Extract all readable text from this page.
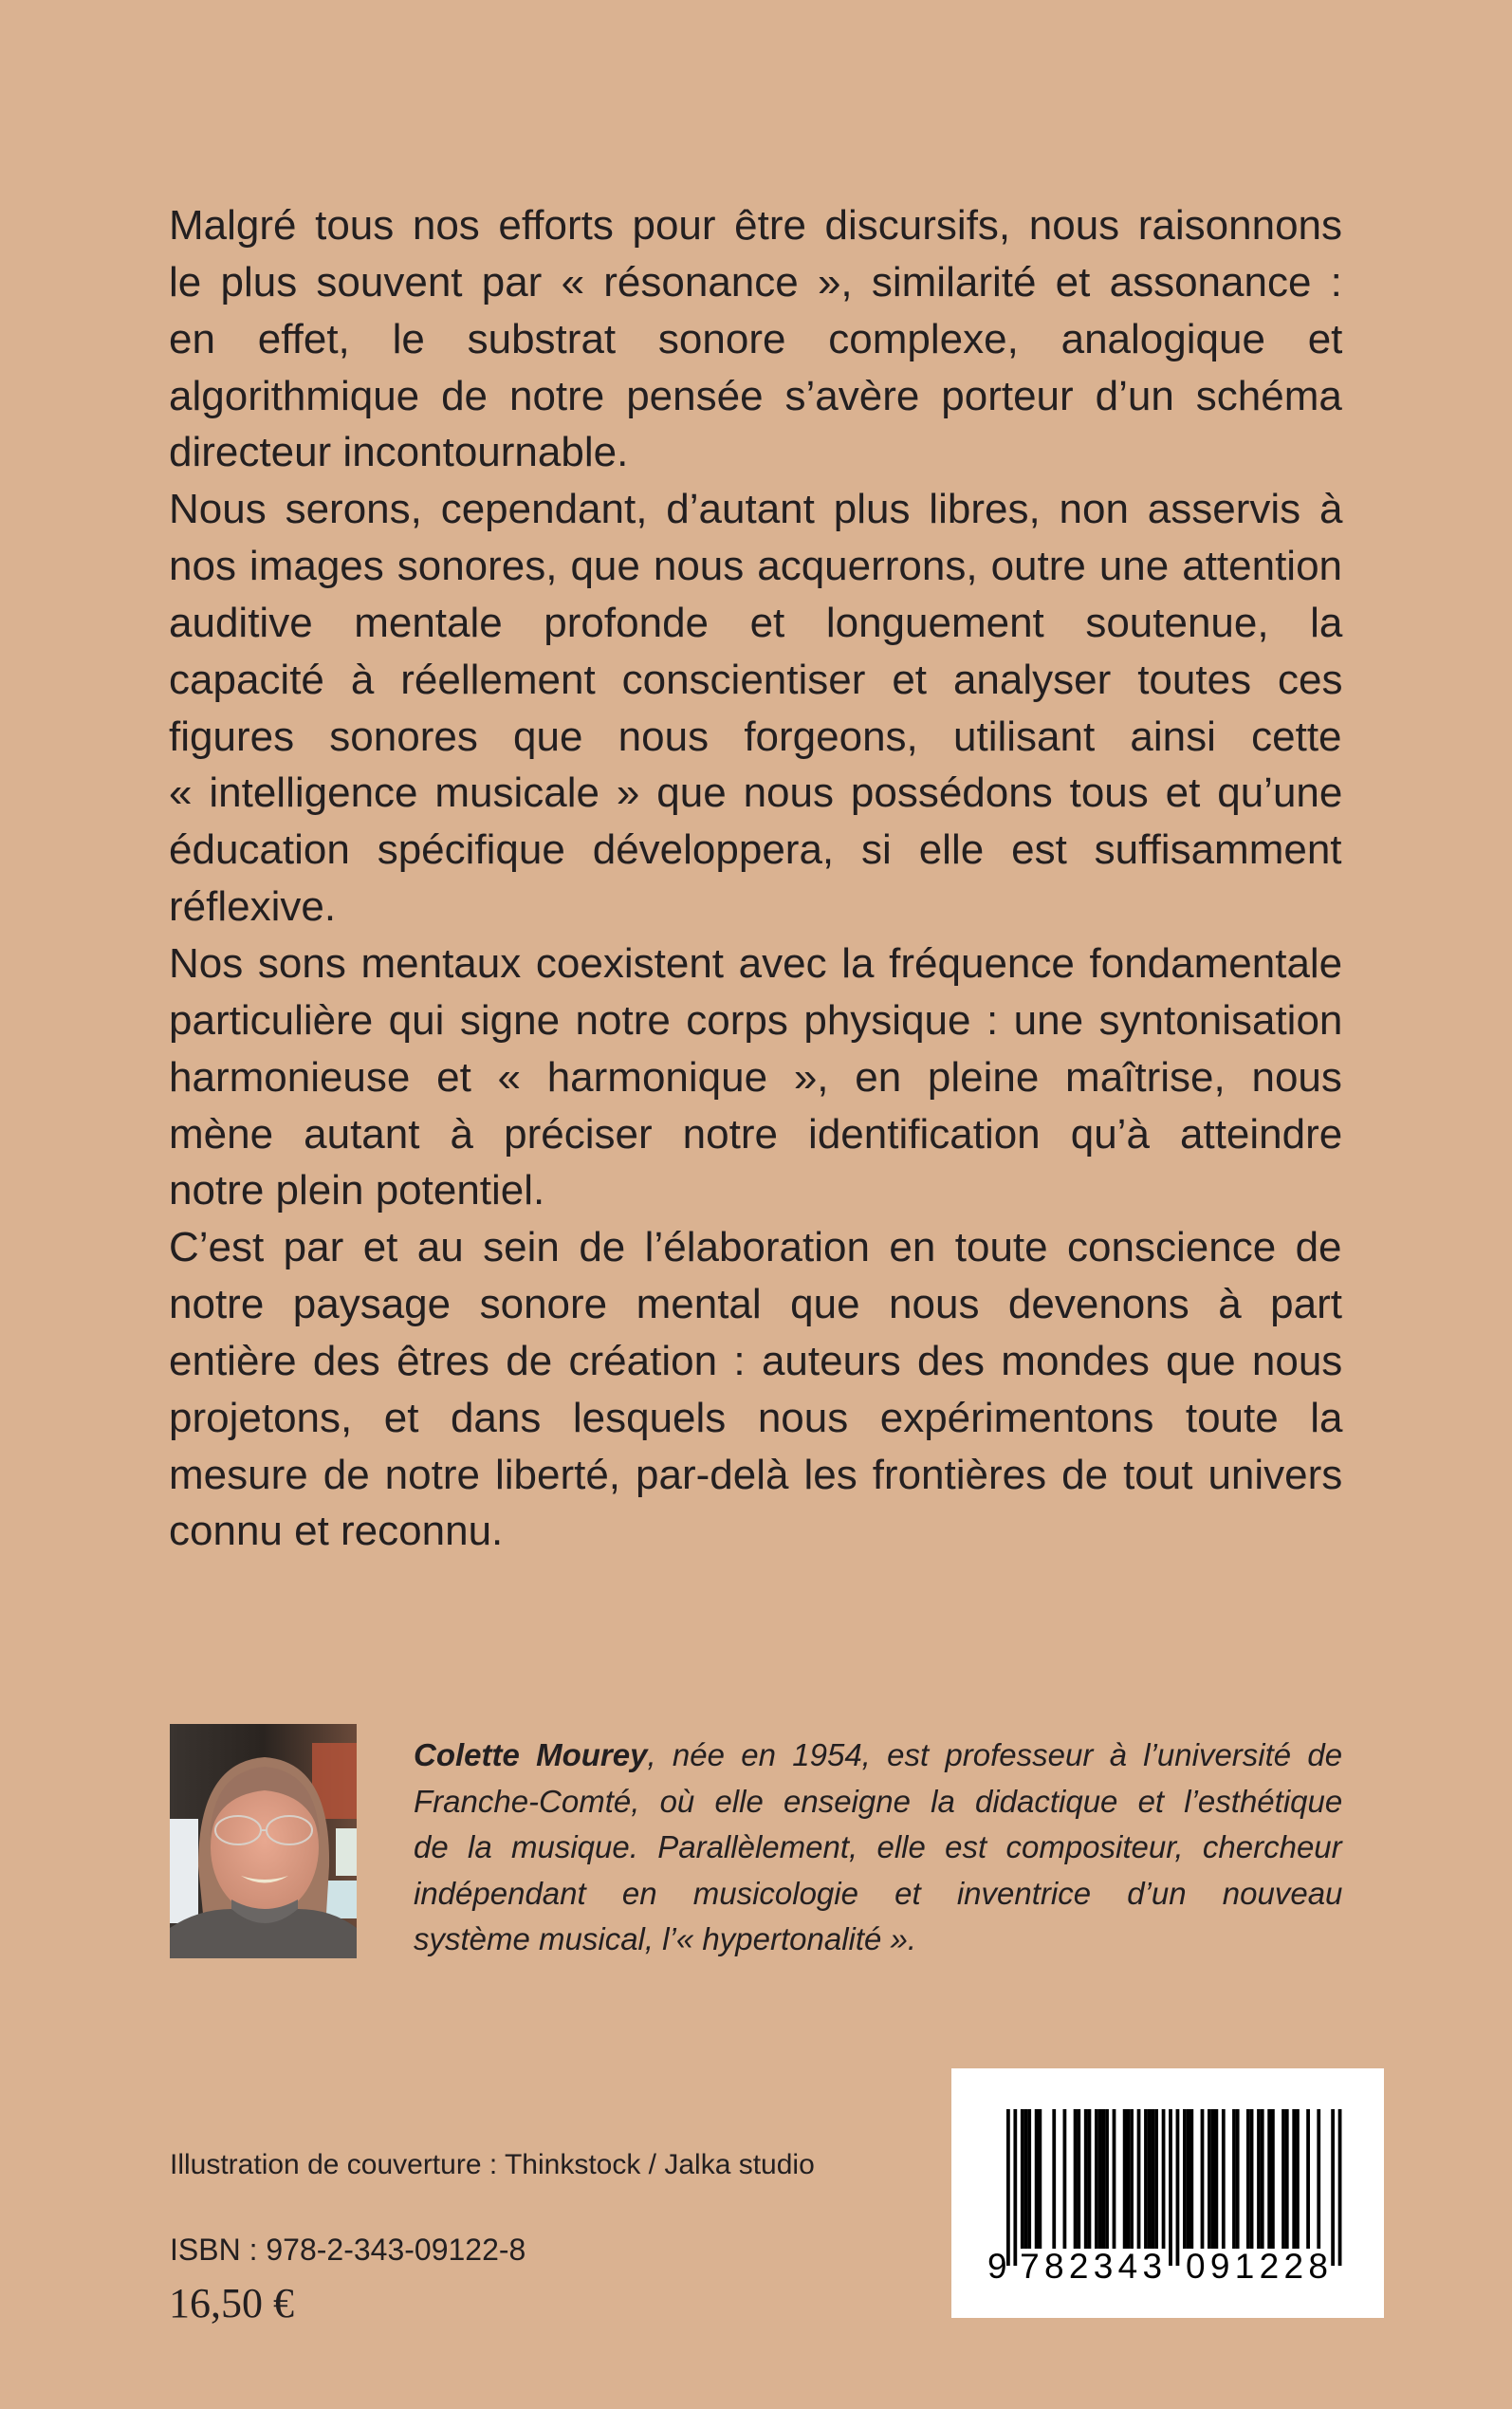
Malgré tous nos efforts pour être discursifs, nous raisonnons
le plus souvent par « résonance », similarité et assonance :
en effet, le substrat sonore complexe, analogique et
algorithmique de notre pensée s’avère porteur d’un schéma
directeur incontournable.
Nous serons, cependant, d’autant plus libres, non asservis à
nos images sonores, que nous acquerrons, outre une attention
auditive mentale profonde et longuement soutenue, la
capacité à réellement conscientiser et analyser toutes ces
figures sonores que nous forgeons, utilisant ainsi cette
« intelligence musicale » que nous possédons tous et qu’une
éducation spécifique développera, si elle est suffisamment
réflexive.
Nos sons mentaux coexistent avec la fréquence fondamentale
particulière qui signe notre corps physique : une syntonisation
harmonieuse et « harmonique », en pleine maîtrise, nous
mène autant à préciser notre identification qu’à atteindre
notre plein potentiel.
C’est par et au sein de l’élaboration en toute conscience de
notre paysage sonore mental que nous devenons à part
entière des êtres de création : auteurs des mondes que nous
projetons, et dans lesquels nous expérimentons toute la
mesure de notre liberté, par-delà les frontières de tout univers
connu et reconnu.
Colette Mourey, née en 1954, est professeur à l’université de
Franche-Comté, où elle enseigne la didactique et l’esthétique
de la musique. Parallèlement, elle est compositeur, chercheur
indépendant en musicologie et inventrice d’un nouveau
système musical, l’« hypertonalité ».
Illustration de couverture : Thinkstock / Jalka studio
ISBN : 978-2-343-09122-8
16,50 €
9 782343 091228
